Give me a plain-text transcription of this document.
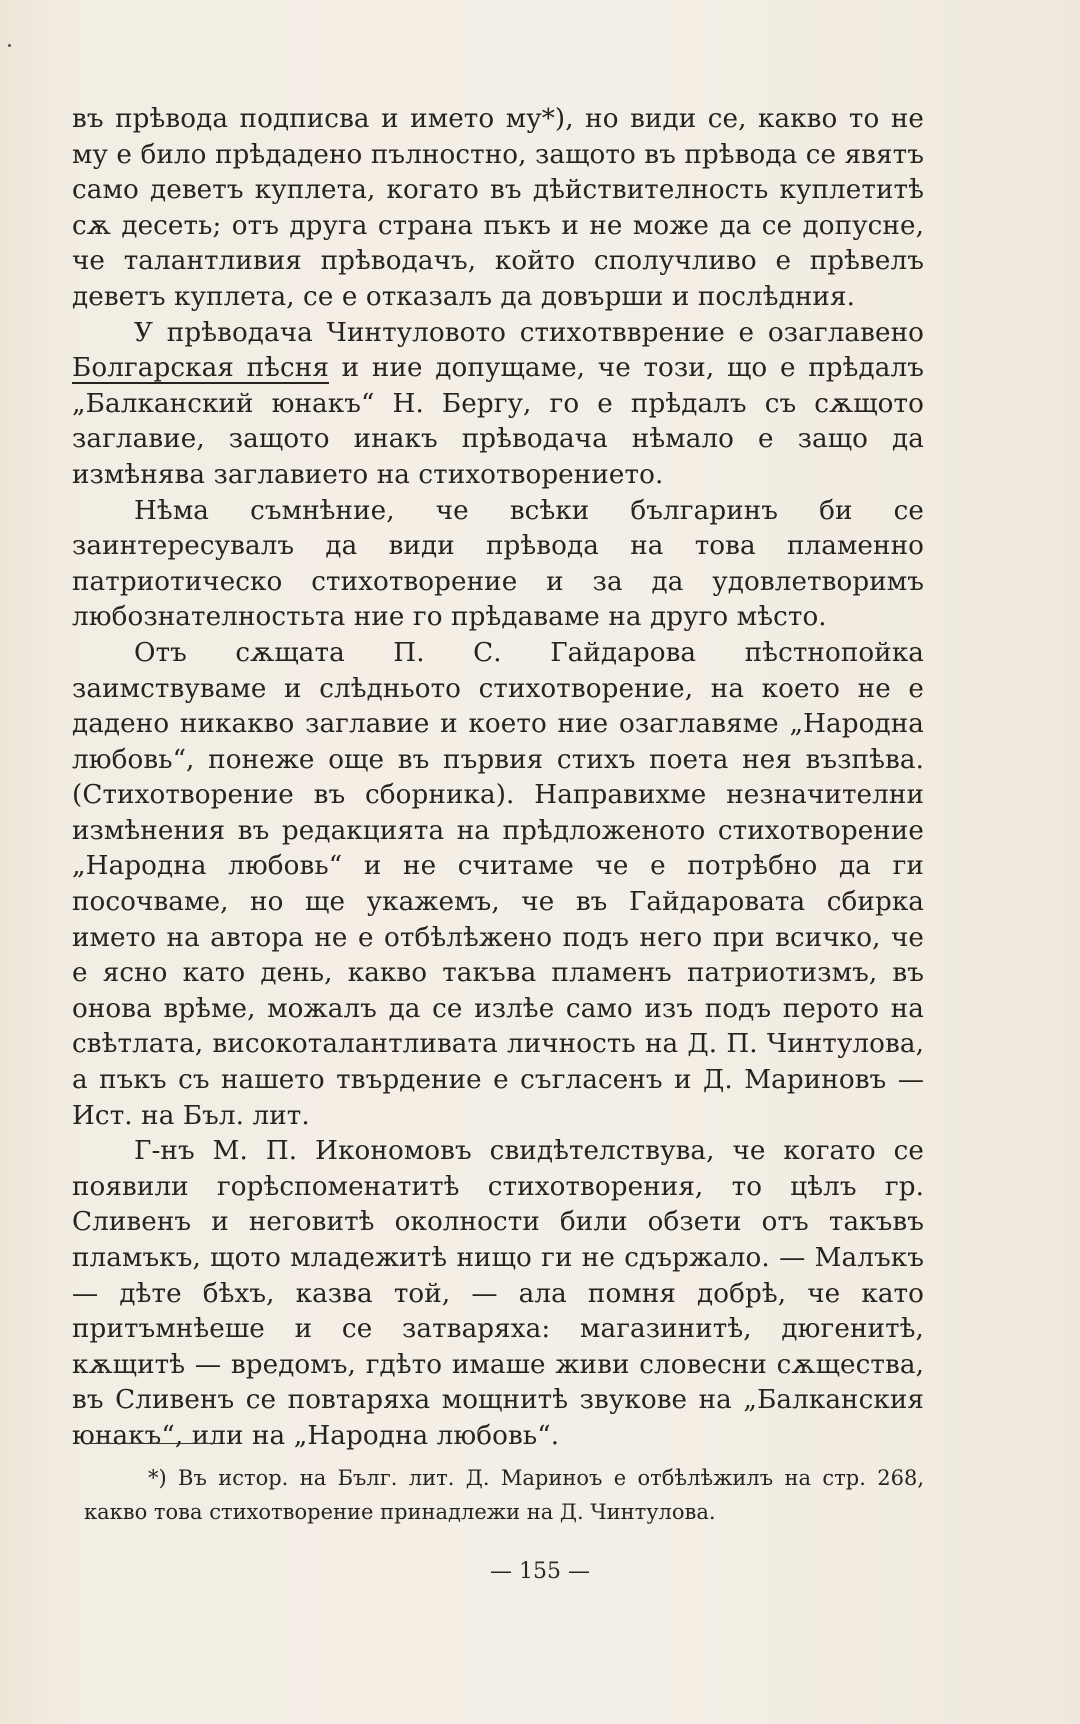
въ прѣвода подписва и името му*), но види се, какво то не му е било прѣдадено пълностно, защото въ прѣвода се явятъ само деветъ куплета, когато въ дѣйствителность куплетитѣ сѫ десеть; отъ друга страна пъкъ и не може да се допусне, че талантливия прѣводачъ, който сполучливо е прѣвелъ деветъ куплета, се е отказалъ да довърши и послѣдния.

У прѣводача Чинтуловото стихотвврение е озаглавено Болгарская пѣсня и ние допущаме, че този, що е прѣдалъ „Балканский юнакъ“ Н. Бергу, го е прѣдалъ съ сѫщото заглавие, защото инакъ прѣводача нѣмало е защо да измѣнява заглавието на стихотворението.

Нѣма съмнѣние, че всѣки българинъ би се заинтересувалъ да види прѣвода на това пламенно патриотическо стихотворение и за да удовлетворимъ любознателностьта ние го прѣдаваме на друго мѣсто.

Отъ сѫщата П. С. Гайдарова пѣстнопойка заимствуваме и слѣдньото стихотворение, на което не е дадено никакво заглавие и което ние озаглавяме „Народна любовь“, понеже още въ първия стихъ поета нея възпѣва. (Стихотворение въ сборника). Направихме незначителни измѣнения въ редакцията на прѣдложеното стихотворение „Народна любовь“ и не считаме че е потрѣбно да ги посочваме, но ще укажемъ, че въ Гайдаровата сбирка името на автора не е отбѣлѣжено подъ него при всичко, че е ясно като день, какво такъва пламенъ патриотизмъ, въ онова врѣме, можалъ да се излѣе само изъ подъ перото на свѣтлата, високоталантливата личность на Д. П. Чинтулова, а пъкъ съ нашето твърдение е съгласенъ и Д. Мариновъ — Ист. на Бъл. лит.

Г-нъ М. П. Икономовъ свидѣтелствува, че когато се появили горѣспоменатитѣ стихотворения, то цѣлъ гр. Сливенъ и неговитѣ околности били обзети отъ такъвъ пламъкъ, щото младежитѣ нищо ги не сдържало. — Малъкъ — дѣте бѣхъ, казва той, — ала помня добрѣ, че като притъмнѣеше и се затваряха: магазинитѣ, дюгенитѣ, кѫщитѣ — вредомъ, гдѣто имаше живи словесни сѫщества, въ Сливенъ се повтаряха мощнитѣ звукове на „Балканския юнакъ“, или на „Народна любовь“.

*) Въ истор. на Бълг. лит. Д. Мариноъ е отбѣлѣжилъ на стр. 268, какво това стихотворение принадлежи на Д. Чинтулова.
— 155 —
